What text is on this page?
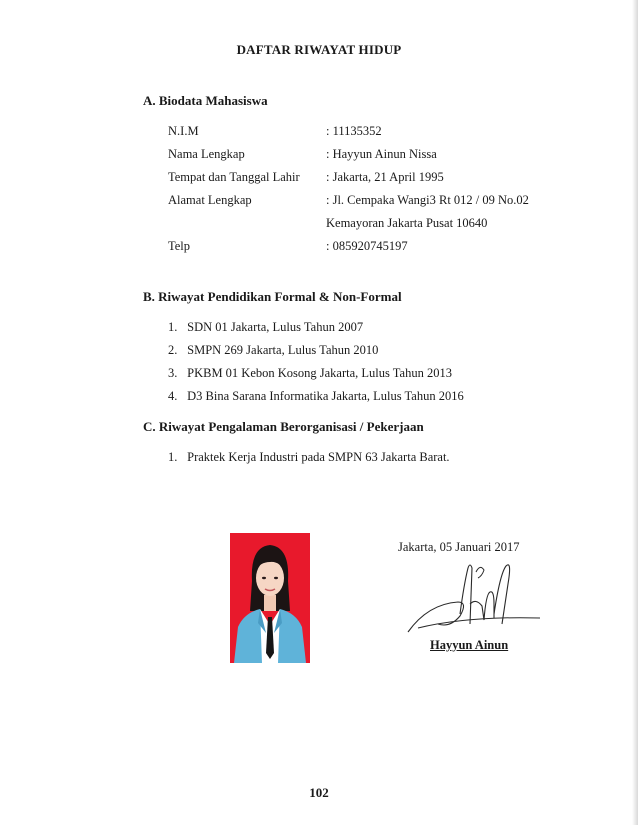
DAFTAR RIWAYAT HIDUP
A. Biodata Mahasiswa
N.I.M	: 11135352
Nama Lengkap	: Hayyun Ainun Nissa
Tempat dan Tanggal Lahir : Jakarta, 21 April 1995
Alamat Lengkap	: Jl. Cempaka Wangi3 Rt 012 / 09 No.02
Kemayoran Jakarta Pusat 10640
Telp	: 085920745197
B. Riwayat Pendidikan Formal & Non-Formal
1. SDN 01 Jakarta, Lulus Tahun 2007
2. SMPN 269 Jakarta, Lulus Tahun 2010
3. PKBM 01 Kebon Kosong Jakarta, Lulus Tahun 2013
4. D3 Bina Sarana Informatika Jakarta, Lulus Tahun 2016
C. Riwayat Pengalaman Berorganisasi / Pekerjaan
1. Praktek Kerja Industri pada SMPN 63 Jakarta Barat.
Jakarta, 05 Januari 2017
Hayyun Ainun
102
